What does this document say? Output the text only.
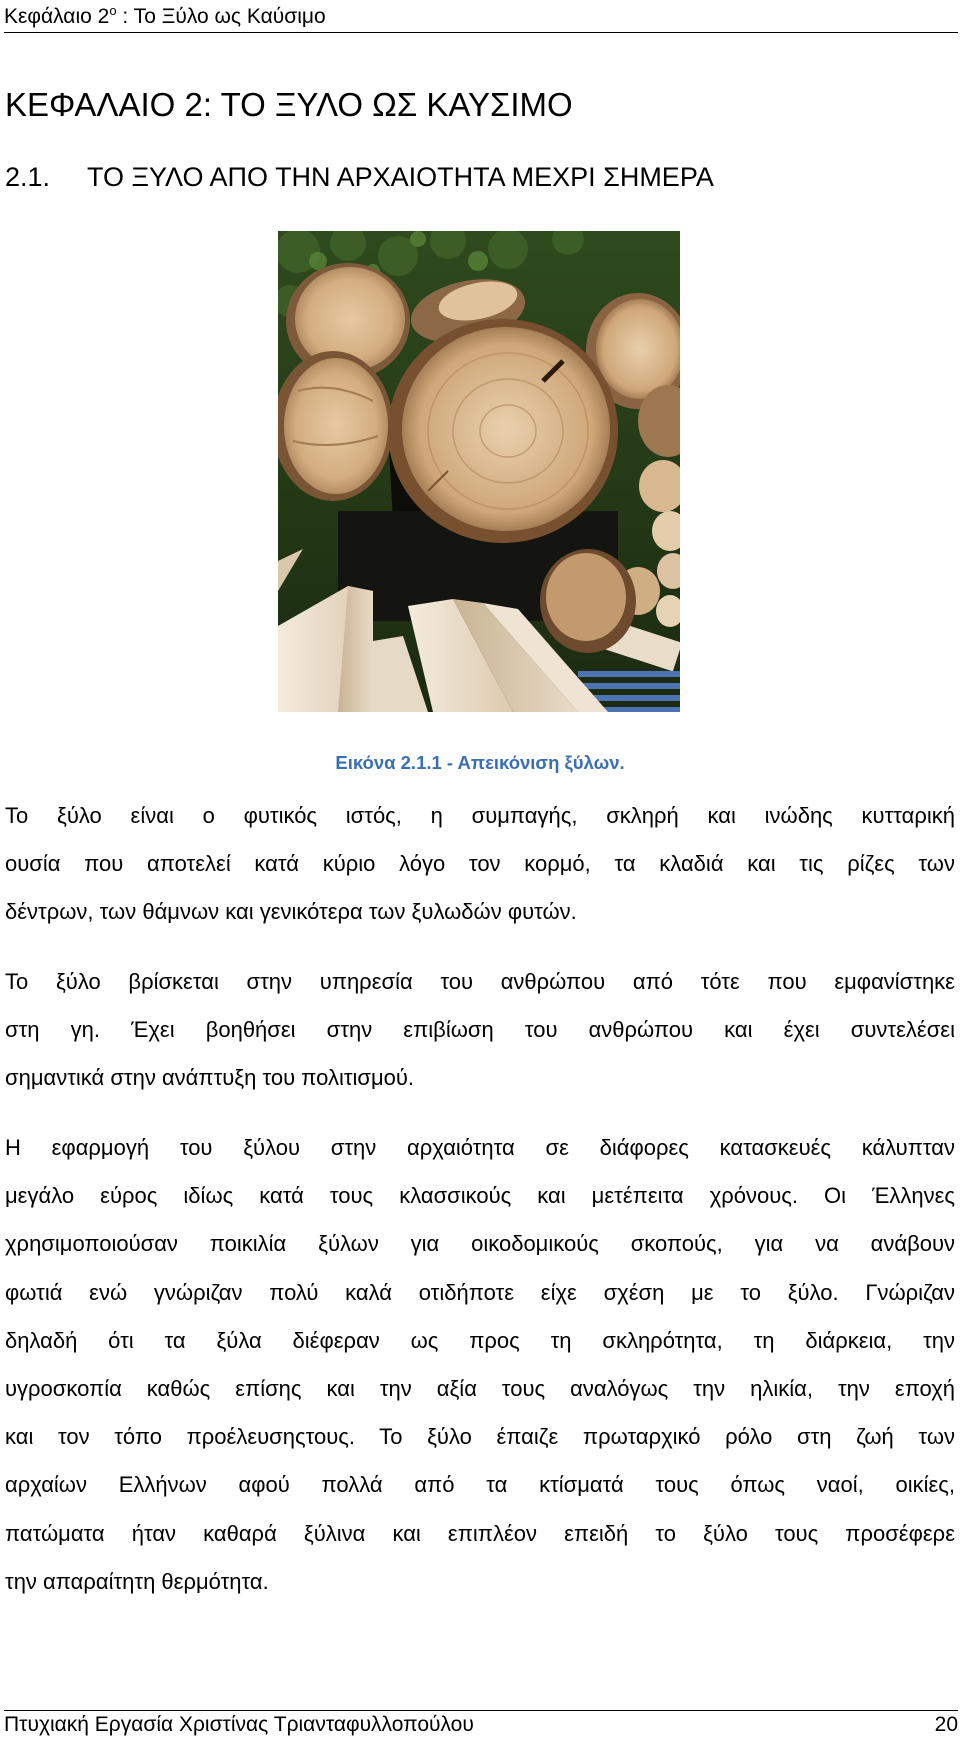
Κεφάλαιο $2^o$ : Το Ξύλο ως Καύσιμο
ΚΕΦΑΛΑΙΟ 2: ΤΟ ΞΥΛΟ ΩΣ ΚΑΥΣΙΜΟ
2.1. ΤΟ ΞΥΛΟ ΑΠΟ ΤΗΝ ΑΡΧΑΙΟΤΗΤΑ ΜΕΧΡΙ ΣΗΜΕΡΑ
Εικόνα 2.1.1 - Απεικόνιση ξύλων.

Το ξύλο είναι ο φυτικός ιστός, η συμπαγής, σκληρή και ινώδης κυτταρική
ουσία που αποτελεί κατά κύριο λόγο τον κορμό, τα κλαδιά και τις ρίζες των
δέντρων, των θάμνων και γενικότερα των ξυλωδών φυτών.

Το ξύλο βρίσκεται στην υπηρεσία του ανθρώπου από τότε που εμφανίστηκε
στη γη. Έχει βοηθήσει στην επιβίωση του ανθρώπου και έχει συντελέσει
σημαντικά στην ανάπτυξη του πολιτισμού.

Η εφαρμογή του ξύλου στην αρχαιότητα σε διάφορες κατασκευές κάλυπταν
μεγάλο εύρος ιδίως κατά τους κλασσικούς και μετέπειτα χρόνους. Οι Έλληνες
χρησιμοποιούσαν ποικιλία ξύλων για οικοδομικούς σκοπούς, για να ανάβουν
φωτιά ενώ γνώριζαν πολύ καλά οτιδήποτε είχε σχέση με το ξύλο. Γνώριζαν
δηλαδή ότι τα ξύλα διέφεραν ως προς τη σκληρότητα, τη διάρκεια, την
υγροσκοπία καθώς επίσης και την αξία τους αναλόγως την ηλικία, την εποχή
και τον τόπο προέλευσηςτους. Το ξύλο έπαιζε πρωταρχικό ρόλο στη ζωή των
αρχαίων Ελλήνων αφού πολλά από τα κτίσματά τους όπως ναοί, οικίες,
πατώματα ήταν καθαρά ξύλινα και επιπλέον επειδή το ξύλο τους προσέφερε
την απαραίτητη θερμότητα.

Πτυχιακή Εργασία Χριστίνας Τριανταφυλλοπούλου	20
